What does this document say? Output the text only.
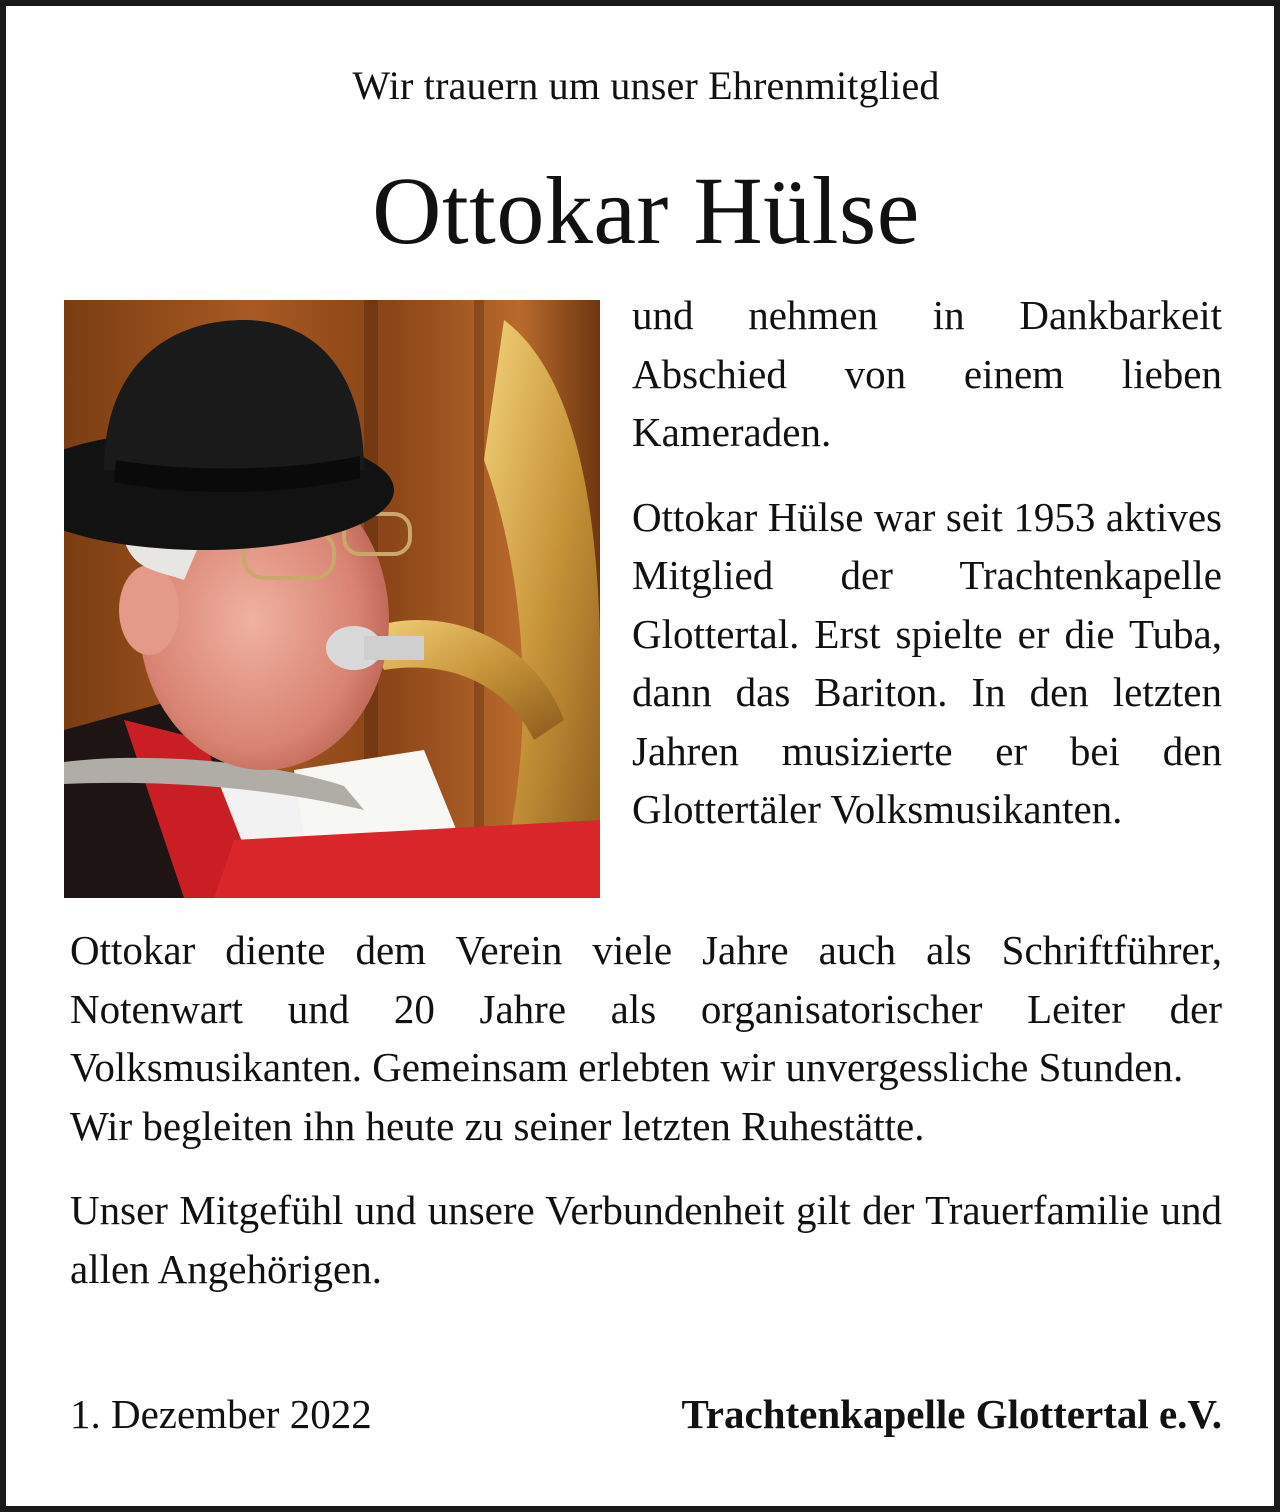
Wir trauern um unser Ehrenmitglied
Ottokar Hülse

und nehmen in Dankbarkeit Abschied von einem lieben Kameraden.

Ottokar Hülse war seit 1953 aktives Mitglied der Trachtenkapelle Glottertal. Erst spielte er die Tuba, dann das Bariton. In den letzten Jahren musizierte er bei den Glottertäler Volksmusikanten.

Ottokar diente dem Verein viele Jahre auch als Schriftführer, Notenwart und 20 Jahre als organisatorischer Leiter der Volksmusikanten. Gemeinsam erlebten wir unvergessliche Stunden.

Wir begleiten ihn heute zu seiner letzten Ruhestätte.

Unser Mitgefühl und unsere Verbundenheit gilt der Trauerfamilie und allen Angehörigen.

1. Dezember 2022	Trachtenkapelle Glottertal e.V.
